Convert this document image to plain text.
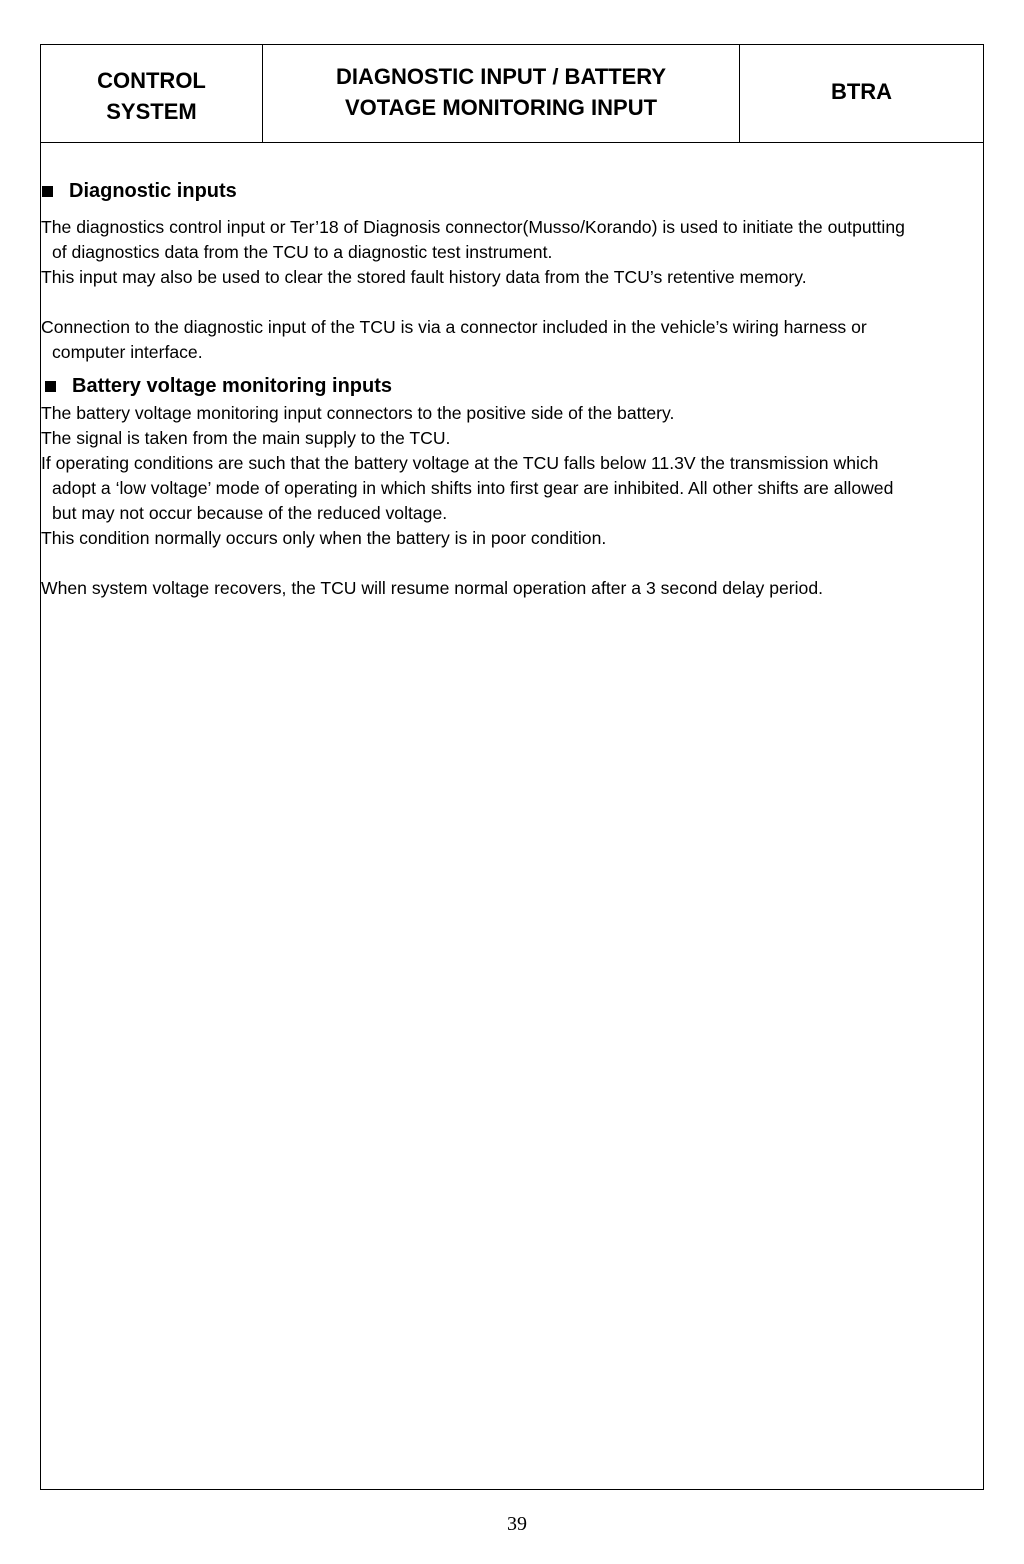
CONTROL
SYSTEM
DIAGNOSTIC INPUT / BATTERY
VOTAGE MONITORING INPUT
BTRA
Diagnostic inputs

The diagnostics control input or Ter’18 of Diagnosis connector(Musso/Korando) is used to initiate the outputting of diagnostics data from the TCU to a diagnostic test instrument.

This input may also be used to clear the stored fault history data from the TCU’s retentive memory.

Connection to the diagnostic input of the TCU is via a connector included in the vehicle’s wiring harness or computer interface.

Battery voltage monitoring inputs

The battery voltage monitoring input connectors to the positive side of the battery.

The signal is taken from the main supply to the TCU.

If operating conditions are such that the battery voltage at the TCU falls below 11.3V the transmission which adopt a ‘low voltage’ mode of operating in which shifts into first gear are inhibited. All other shifts are allowed but may not occur because of the reduced voltage.

This condition normally occurs only when the battery is in poor condition.

When system voltage recovers, the TCU will resume normal operation after a 3 second delay period.

39
